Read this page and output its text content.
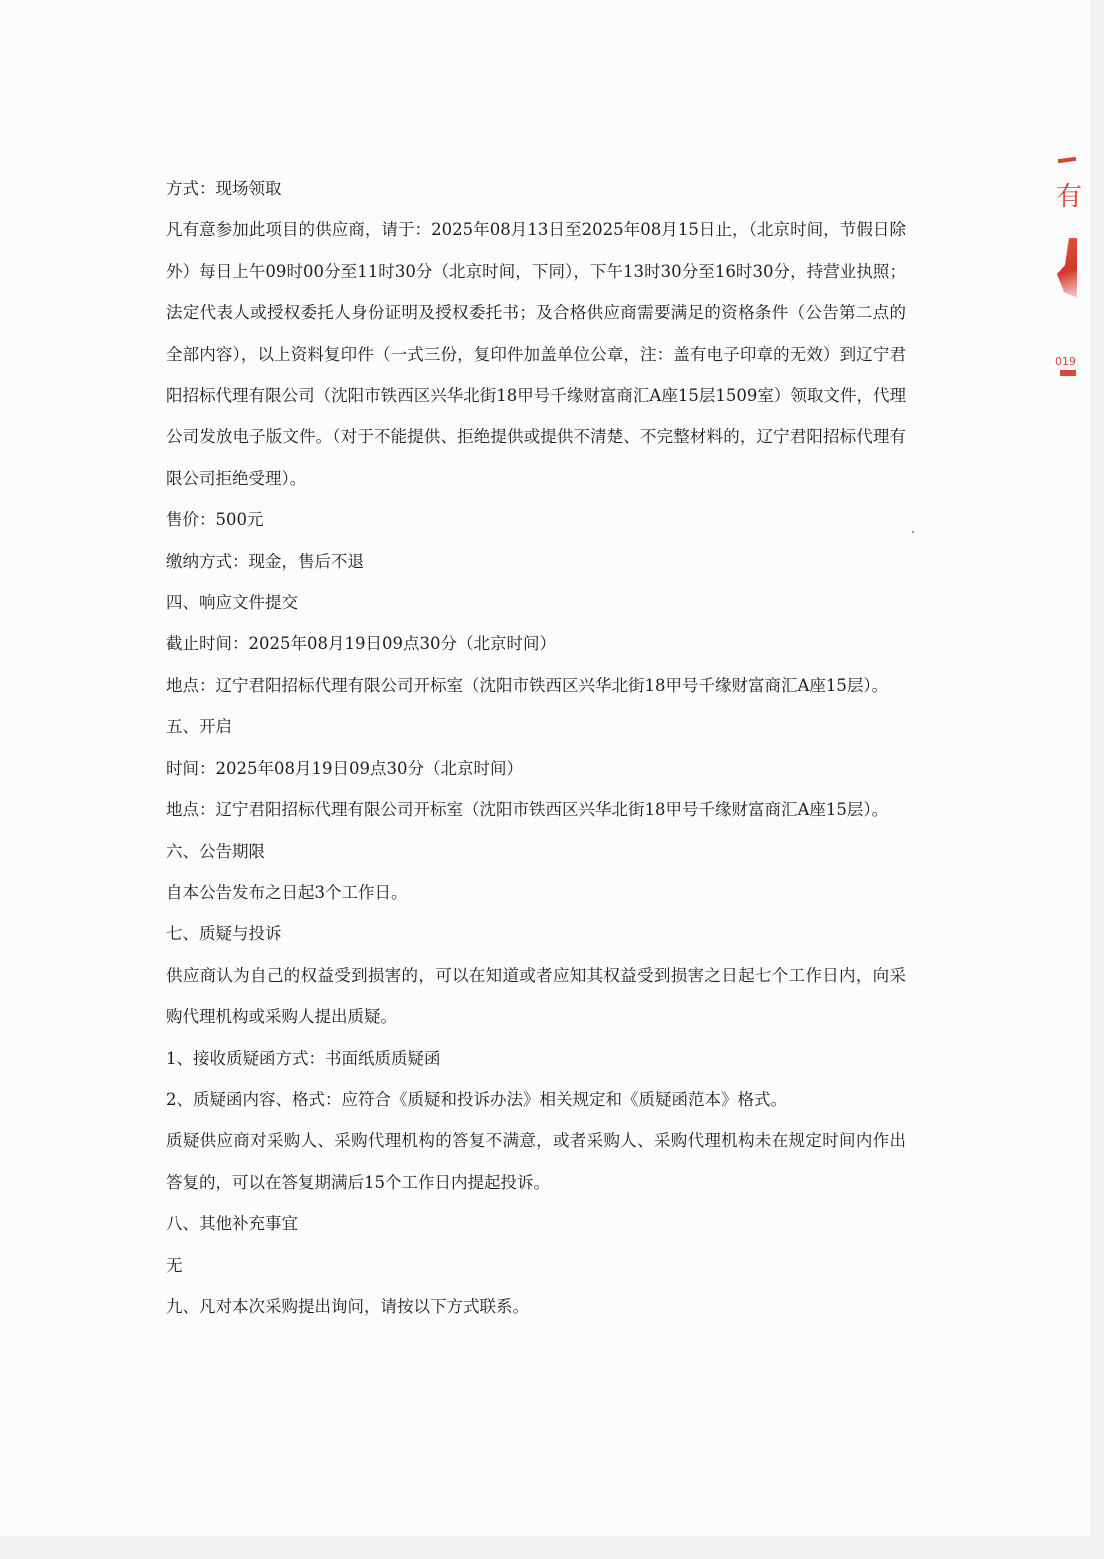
方式：现场领取

凡有意参加此项目的供应商，请于：2025年08月13日至2025年08月15日止，（北京时间，节假日除外）每日上午09时00分至11时30分（北京时间，下同），下午13时30分至16时30分，持营业执照；法定代表人或授权委托人身份证明及授权委托书；及合格供应商需要满足的资格条件（公告第二点的全部内容），以上资料复印件（一式三份，复印件加盖单位公章，注：盖有电子印章的无效）到辽宁君阳招标代理有限公司（沈阳市铁西区兴华北街18甲号千缘财富商汇A座15层1509室）领取文件，代理公司发放电子版文件。（对于不能提供、拒绝提供或提供不清楚、不完整材料的，辽宁君阳招标代理有限公司拒绝受理）。

售价：500元

缴纳方式：现金，售后不退

四、响应文件提交

截止时间：2025年08月19日09点30分（北京时间）

地点：辽宁君阳招标代理有限公司开标室（沈阳市铁西区兴华北街18甲号千缘财富商汇A座15层）。

五、开启

时间：2025年08月19日09点30分（北京时间）

地点：辽宁君阳招标代理有限公司开标室（沈阳市铁西区兴华北街18甲号千缘财富商汇A座15层）。

六、公告期限

自本公告发布之日起3个工作日。

七、质疑与投诉

供应商认为自己的权益受到损害的，可以在知道或者应知其权益受到损害之日起七个工作日内，向采购代理机构或采购人提出质疑。

1、接收质疑函方式：书面纸质质疑函

2、质疑函内容、格式：应符合《质疑和投诉办法》相关规定和《质疑函范本》格式。

质疑供应商对采购人、采购代理机构的答复不满意，或者采购人、采购代理机构未在规定时间内作出答复的，可以在答复期满后15个工作日内提起投诉。

八、其他补充事宜

无

九、凡对本次采购提出询问，请按以下方式联系。

有
019
